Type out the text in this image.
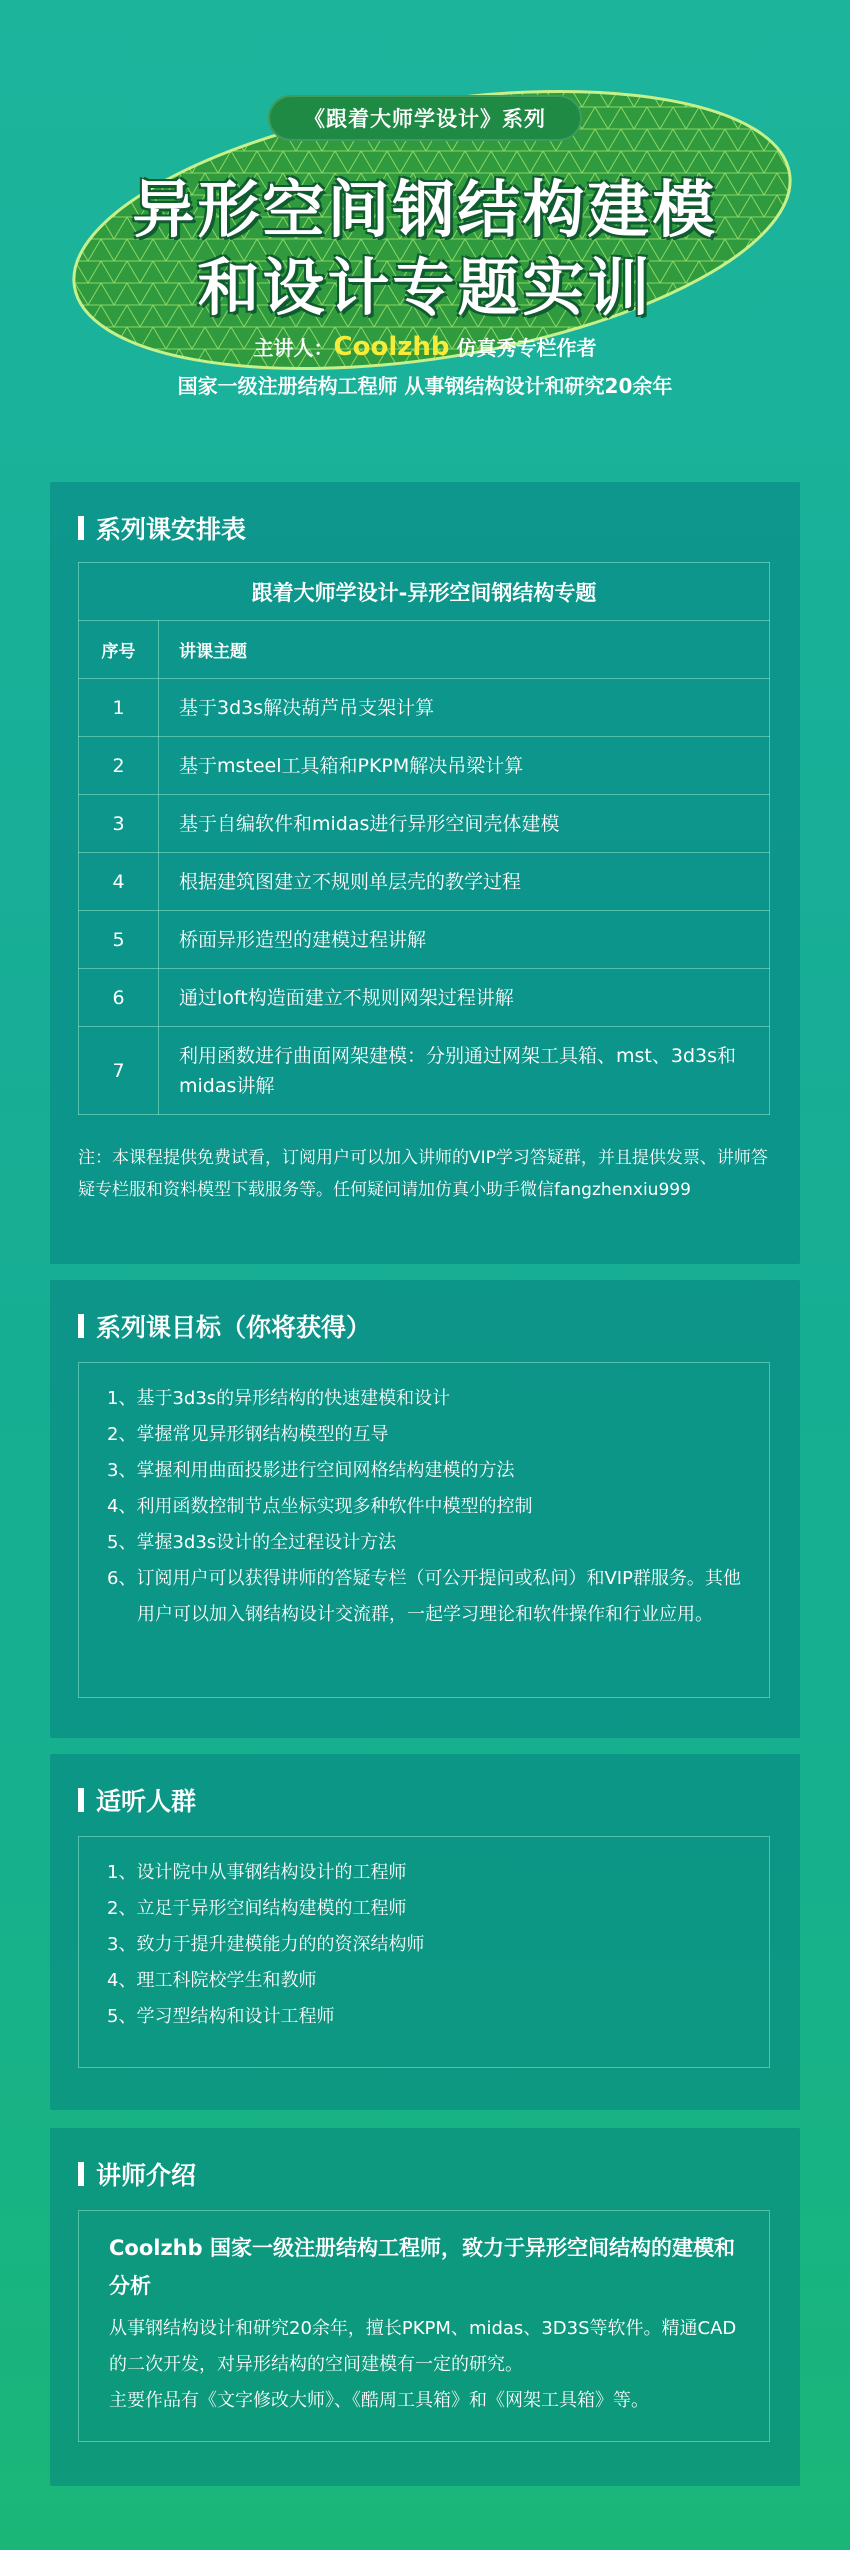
《跟着大师学设计》系列
异形空间钢结构建模
和设计专题实训
主讲人：Coolzhb 仿真秀专栏作者
国家一级注册结构工程师 从事钢结构设计和研究20余年
系列课安排表
跟着大师学设计-异形空间钢结构专题	
序号	讲课主题
1	基于3d3s解决葫芦吊支架计算
2	基于msteel工具箱和PKPM解决吊梁计算
3	基于自编软件和midas进行异形空间壳体建模
4	根据建筑图建立不规则单层壳的教学过程
5	桥面异形造型的建模过程讲解
6	通过loft构造面建立不规则网架过程讲解
7	利用函数进行曲面网架建模：分别通过网架工具箱、mst、3d3s和midas讲解
注：本课程提供免费试看，订阅用户可以加入讲师的VIP学习答疑群，并且提供发票、讲师答疑专栏服和资料模型下载服务等。任何疑问请加仿真小助手微信fangzhenxiu999
系列课目标（你将获得）
1、基于3d3s的异形结构的快速建模和设计
2、掌握常见异形钢结构模型的互导
3、掌握利用曲面投影进行空间网格结构建模的方法
4、利用函数控制节点坐标实现多种软件中模型的控制
5、掌握3d3s设计的全过程设计方法
6、订阅用户可以获得讲师的答疑专栏（可公开提问或私问）和VIP群服务。其他用户可以加入钢结构设计交流群，一起学习理论和软件操作和行业应用。
适听人群
1、设计院中从事钢结构设计的工程师
2、立足于异形空间结构建模的工程师
3、致力于提升建模能力的的资深结构师
4、理工科院校学生和教师
5、学习型结构和设计工程师
讲师介绍
Coolzhb 国家一级注册结构工程师，致力于异形空间结构的建模和分析
从事钢结构设计和研究20余年，擅长PKPM、midas、3D3S等软件。精通CAD的二次开发，对异形结构的空间建模有一定的研究。
主要作品有《文字修改大师》、《酷周工具箱》和《网架工具箱》等。
